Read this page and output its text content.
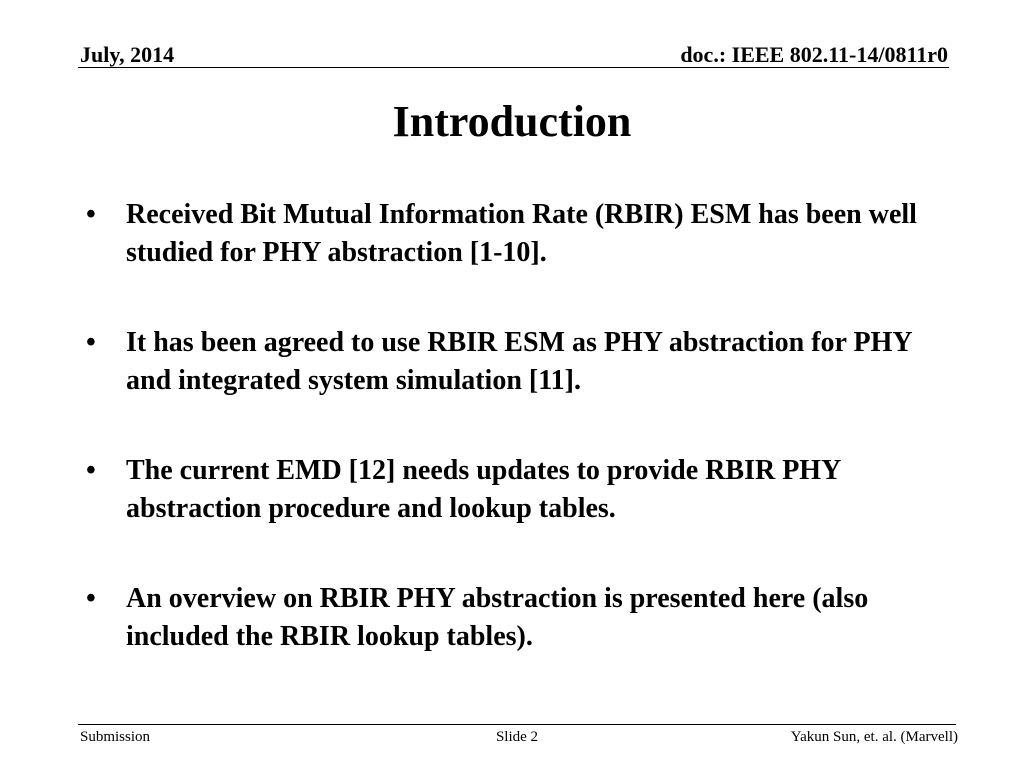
July, 2014	doc.: IEEE 802.11-14/0811r0
Introduction
•	Received Bit Mutual Information Rate (RBIR) ESM has been well studied for PHY abstraction [1-10].
•	It has been agreed to use RBIR ESM as PHY abstraction for PHY and integrated system simulation [11].
•	The current EMD [12] needs updates to provide RBIR PHY abstraction procedure and lookup tables.
•	An overview on RBIR PHY abstraction is presented here (also included the RBIR lookup tables).
Submission	Slide 2	Yakun Sun, et. al. (Marvell)
